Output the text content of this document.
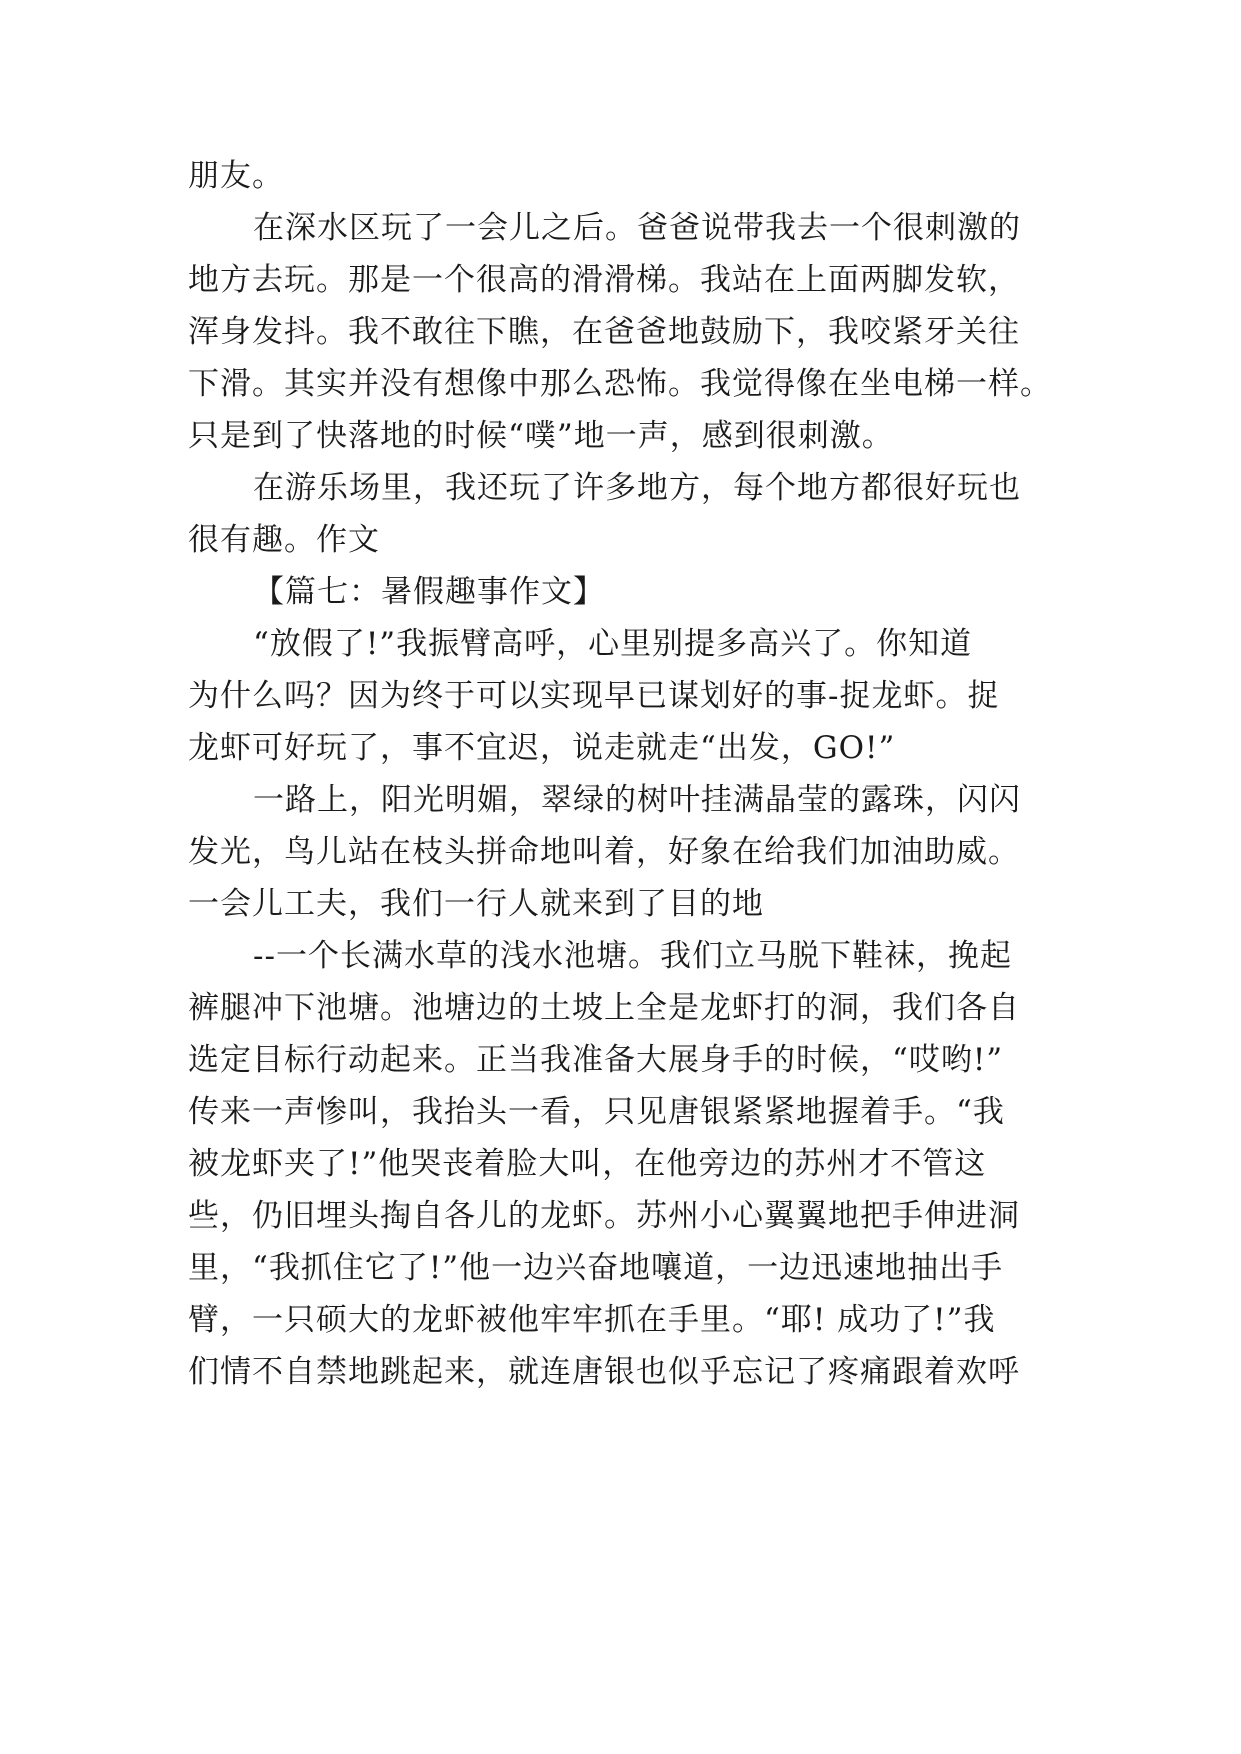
朋友。
在深水区玩了一会儿之后。爸爸说带我去一个很刺激的
地方去玩。那是一个很高的滑滑梯。我站在上面两脚发软，
浑身发抖。我不敢往下瞧，在爸爸地鼓励下，我咬紧牙关往
下滑。其实并没有想像中那么恐怖。我觉得像在坐电梯一样。
只是到了快落地的时候“噗”地一声，感到很刺激。
在游乐场里，我还玩了许多地方，每个地方都很好玩也
很有趣。作文
【篇七：暑假趣事作文】
“放假了!”我振臂高呼，心里别提多高兴了。你知道
为什么吗？因为终于可以实现早已谋划好的事-捉龙虾。捉
龙虾可好玩了，事不宜迟，说走就走“出发，GO!”
一路上，阳光明媚，翠绿的树叶挂满晶莹的露珠，闪闪
发光，鸟儿站在枝头拼命地叫着，好象在给我们加油助威。
一会儿工夫，我们一行人就来到了目的地
--一个长满水草的浅水池塘。我们立马脱下鞋袜，挽起
裤腿冲下池塘。池塘边的土坡上全是龙虾打的洞，我们各自
选定目标行动起来。正当我准备大展身手的时候，“哎哟!”
传来一声惨叫，我抬头一看，只见唐银紧紧地握着手。“我
被龙虾夹了!”他哭丧着脸大叫，在他旁边的苏州才不管这
些，仍旧埋头掏自各儿的龙虾。苏州小心翼翼地把手伸进洞
里，“我抓住它了!”他一边兴奋地嚷道，一边迅速地抽出手
臂，一只硕大的龙虾被他牢牢抓在手里。“耶! 成功了!”我
们情不自禁地跳起来，就连唐银也似乎忘记了疼痛跟着欢呼
